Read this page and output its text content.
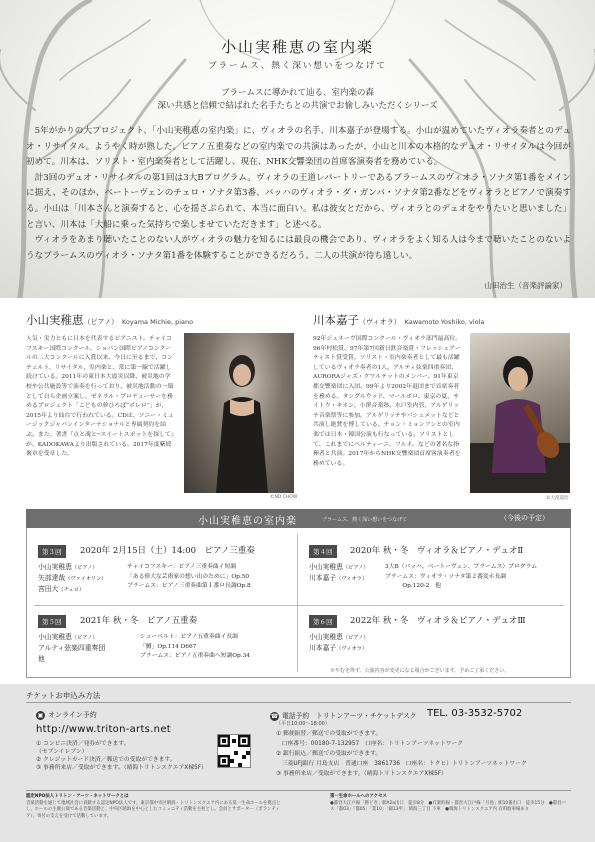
小山実稚恵の室内楽
ブラームス、熱く深い想いをつなげて
ブラームスに導かれて辿る、室内楽の森
深い共感と信頼で結ばれた名手たちとの共演でお愉しみいただくシリーズ

5年がかりの大プロジェクト、「小山実稚恵の室内楽」に、ヴィオラの名手、川本嘉子が登場する。小山が温めていたヴィオラ奏者とのデュオ・リサイタル。ようやく時が熟した。ピアノ五重奏などの室内楽での共演はあったが、小山と川本の本格的なデュオ・リサイタルは今回が初めて。川本は、ソリスト・室内楽奏者として活躍し、現在、NHK交響楽団の首席客演奏者を務めている。

計3回のデュオ・リサイタルの第1回は3大Bプログラム。ヴィオラの王道レパートリーであるブラームスのヴィオラ・ソナタ第1番をメインに据え、そのほか、ベートーヴェンのチェロ・ソナタ第3番、バッハのヴィオラ・ダ・ガンバ・ソナタ第2番などをヴィオラとピアノで演奏する。小山は「川本さんと演奏すると、心を揺さぶられて、本当に面白い。私は彼女とだから、ヴィオラとのデュオをやりたいと思いました」と言い、川本は「大船に乗った気持ちで楽しませていただきます」と述べる。

ヴィオラをあまり聴いたことのない人がヴィオラの魅力を知るには最良の機会であり、ヴィオラをよく知る人は今まで聴いたことのないようなブラームスのヴィオラ・ソナタ第1番を体験することができるだろう。二人の共演が待ち遠しい。

山田治生（音楽評論家）
小山実稚恵（ピアノ） Koyama Michie, piano
人気・実力ともに日本を代表するピアニスト。チャイコフスキー国際コンクール、ショパン国際ピアノコンクールの二大コンクールに入賞以来、今日に至るまで、コンチェルト、リサイタル、室内楽と、常に第一線で活躍し続けている。2011年の東日本大震災以降、被災地の学校や公共施設等で演奏を行っており、被災地活動の一環として自ら企画立案し、ゼネラル・プロデューサーを務めるプロジェクト「こどもの夢ひろば“ボレロ”」が、2015年より仙台で行われている。CDは、ソニー・ミュージックジャパンインターナショナルと専属契約を結ぶ。また、著書『点と魂と─スイートスポットを探して』が、KADOKAWAより出版されている。2017年度紫綬褒章を受章した。
©ND CHOW
川本嘉子（ヴィオラ） Kawamoto Yoshiko, viola
92年ジュネーヴ国際コンクール・ヴィオラ部門最高位。96年村松賞、97年第7回新日鉄音楽賞・フレッシュアーティスト賞受賞。ソリスト・室内楽奏者として最も活躍しているヴィオラ奏者の1人。アルティ弦楽四重奏団、AURORAジャズ・クワルテットのメンバー。91年東京都交響楽団に入団。99年より2002年退団まで首席奏者を務める。タングルウッド、マールボロ、東京の夏、サイトウ・キネン、小澤音楽塾、水戸室内管、アルゲリッチ音楽祭等に参加。アルゲリッチやバシュメットなどと共演し絶賛を博している。チョン・ミョンフンとの室内楽では日本・韓国公演も行なっている。ソリストとして、これまでにベルティーニ、フルネ、などの著名な指揮者と共演。2017年からNHK交響楽団首席客演奏者を務めている。
©大窪道治
小山実稚恵の室内楽	ブラームス、熱く深い想いをつなげて	（今後の予定）
第３回	2020年 2月15日（土）14:00　ピアノ三重奏
小山実稚恵（ピアノ）
矢部達哉（ヴァイオリン）
宮田大（チェロ）
チャイコフスキー：ピアノ三重奏曲イ短調
「ある偉大な芸術家の想い出のために」Op.50
ブラームス：ピアノ三重奏曲第１番ロ長調Op.8
第４回	2020年 秋・冬　ヴィオラ＆ピアノ・デュオⅡ
小山実稚恵（ピアノ）
川本嘉子（ヴィオラ）
3大B（バッハ、ベートーヴェン、ブラームス）プログラム
ブラームス：ヴィオラ・ソナタ第２番変ホ長調
　　　Op.120-2　他
第５回	2021年 秋・冬　ピアノ五重奏
小山実稚恵（ピアノ）
アルティ弦楽四重奏団
他
シューベルト：ピアノ五重奏曲イ長調
「鱒」Op.114 D667
ブラームス：ピアノ五重奏曲ヘ短調Op.34
第６回	2022年 秋・冬　ヴィオラ＆ピアノ・デュオⅢ
小山実稚恵（ピアノ）
川本嘉子（ヴィオラ）
※やむを得ず、公演内容が変更になる場合がございます。予めご了承ください。
チケットお申込み方法
▣ オンライン予約
http://www.triton-arts.net
① コンビニ決済／発券ができます。
（セブンイレブン）
② クレジットカード決済／郵送での受取ができます。
③ 事務所来店／受取ができます。（晴海トリトンスクエアX棟5F）
☎ 電話予約　トリトンアーツ・チケットデスク TEL. 03-3532-5702
（平日10:00〜18:00）
① 郵便振替／郵送での受取ができます。
　口座番号：00180-7-132957　口座名：トリトンアーツネットワーク
② 銀行振込／郵送での受取ができます。
　三菱UFJ銀行 月島支店　普通口座　3861736　口座名：トクヒ）トリトンアーツネットワーク
③ 事務所来店／受取ができます。（晴海トリトンスクエアX棟5F）
認定NPO法人トリトン・アーツ・ネットワークとは
音楽活動を通じて地域社会に貢献する認定NPO法人です。東京都中央区晴海・トリトンスクエア内にある第一生命ホールを拠点とし、ホールの主催公演である音楽活動と、中央区晴海を中心としたコミュニティ活動を主柱とし、会員とサポーター（ボランティア）、寄付の支えを受けて活動しています。
第一生命ホールへのアクセス
●都営大江戸線「勝どき」駅A2a出口　徒歩8分　●有楽町線・都営大江戸線「月島」駅10番出口　徒歩15分　●都営バス「都03」「都05」「業10」「錦13甲」 晴海三丁目 下車　●晴海トリトンスクエア内 有料駐車場あり
